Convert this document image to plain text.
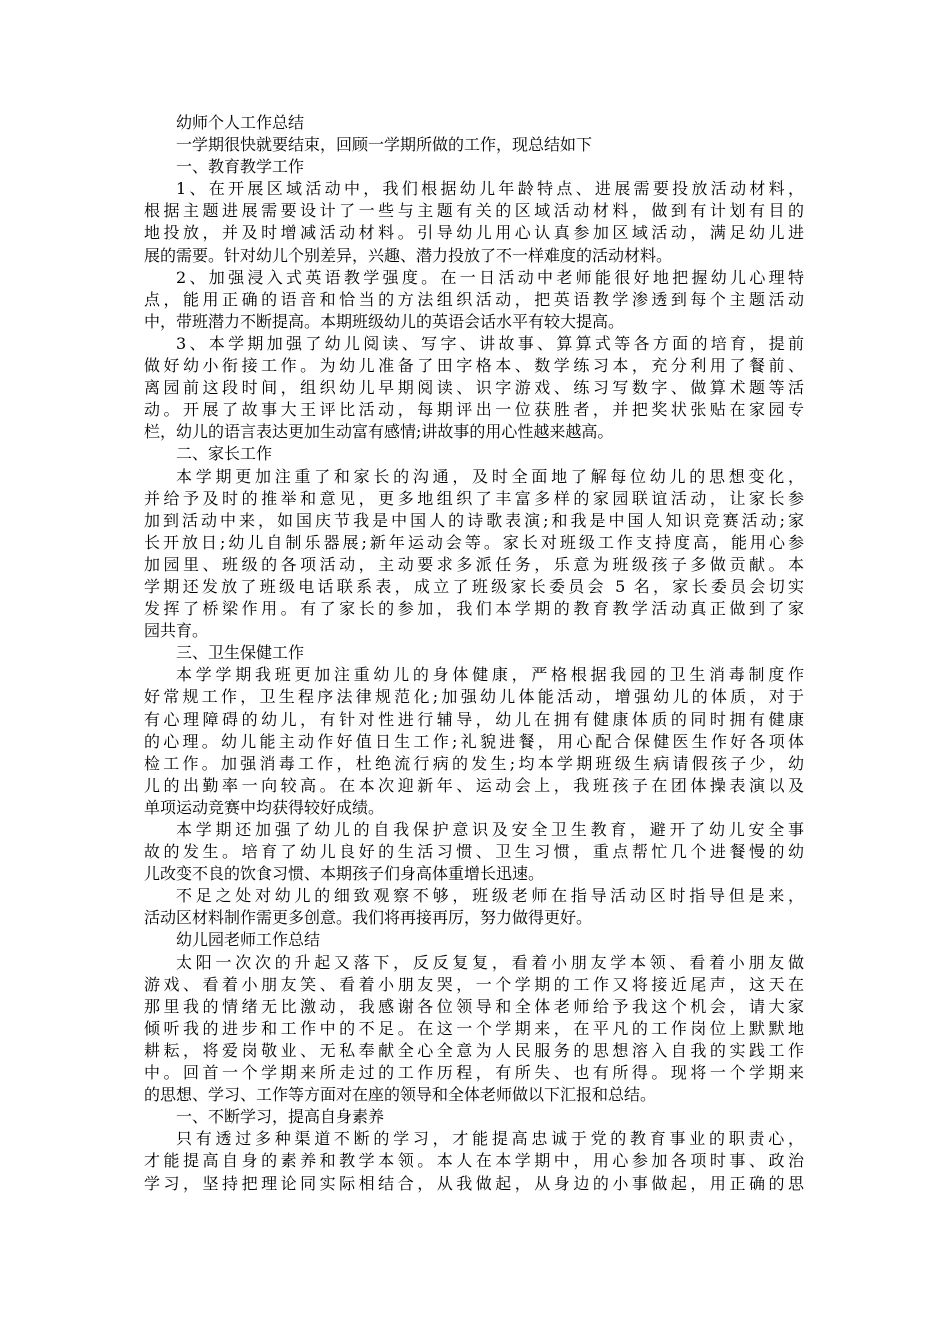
幼师个人工作总结
一学期很快就要结束，回顾一学期所做的工作，现总结如下
一、教育教学工作
1、在开展区域活动中，我们根据幼儿年龄特点、进展需要投放活动材料，
根据主题进展需要设计了一些与主题有关的区域活动材料，做到有计划有目的
地投放，并及时增减活动材料。引导幼儿用心认真参加区域活动，满足幼儿进
展的需要。针对幼儿个别差异，兴趣、潜力投放了不一样难度的活动材料。
2、加强浸入式英语教学强度。在一日活动中老师能很好地把握幼儿心理特
点，能用正确的语音和恰当的方法组织活动，把英语教学渗透到每个主题活动
中，带班潜力不断提高。本期班级幼儿的英语会话水平有较大提高。
3、本学期加强了幼儿阅读、写字、讲故事、算算式等各方面的培育，提前
做好幼小衔接工作。为幼儿准备了田字格本、数学练习本，充分利用了餐前、
离园前这段时间，组织幼儿早期阅读、识字游戏、练习写数字、做算术题等活
动。开展了故事大王评比活动，每期评出一位获胜者，并把奖状张贴在家园专
栏，幼儿的语言表达更加生动富有感情;讲故事的用心性越来越高。
二、家长工作
本学期更加注重了和家长的沟通，及时全面地了解每位幼儿的思想变化，
并给予及时的推举和意见，更多地组织了丰富多样的家园联谊活动，让家长参
加到活动中来，如国庆节我是中国人的诗歌表演;和我是中国人知识竞赛活动;家
长开放日;幼儿自制乐器展;新年运动会等。家长对班级工作支持度高，能用心参
加园里、班级的各项活动，主动要求多派任务，乐意为班级孩子多做贡献。本
学期还发放了班级电话联系表，成立了班级家长委员会 5 名，家长委员会切实
发挥了桥梁作用。有了家长的参加，我们本学期的教育教学活动真正做到了家
园共育。
三、卫生保健工作
本学学期我班更加注重幼儿的身体健康，严格根据我园的卫生消毒制度作
好常规工作，卫生程序法律规范化;加强幼儿体能活动，增强幼儿的体质，对于
有心理障碍的幼儿，有针对性进行辅导，幼儿在拥有健康体质的同时拥有健康
的心理。幼儿能主动作好值日生工作;礼貌进餐，用心配合保健医生作好各项体
检工作。加强消毒工作，杜绝流行病的发生;均本学期班级生病请假孩子少，幼
儿的出勤率一向较高。在本次迎新年、运动会上，我班孩子在团体操表演以及
单项运动竞赛中均获得较好成绩。
本学期还加强了幼儿的自我保护意识及安全卫生教育，避开了幼儿安全事
故的发生。培育了幼儿良好的生活习惯、卫生习惯，重点帮忙几个进餐慢的幼
儿改变不良的饮食习惯、本期孩子们身高体重增长迅速。
不足之处对幼儿的细致观察不够，班级老师在指导活动区时指导但是来，
活动区材料制作需更多创意。我们将再接再厉，努力做得更好。
幼儿园老师工作总结
太阳一次次的升起又落下，反反复复，看着小朋友学本领、看着小朋友做
游戏、看着小朋友笑、看着小朋友哭，一个学期的工作又将接近尾声，这天在
那里我的情绪无比激动，我感谢各位领导和全体老师给予我这个机会，请大家
倾听我的进步和工作中的不足。在这一个学期来，在平凡的工作岗位上默默地
耕耘，将爱岗敬业、无私奉献全心全意为人民服务的思想溶入自我的实践工作
中。回首一个学期来所走过的工作历程，有所失、也有所得。现将一个学期来
的思想、学习、工作等方面对在座的领导和全体老师做以下汇报和总结。
一、不断学习，提高自身素养
只有透过多种渠道不断的学习，才能提高忠诚于党的教育事业的职责心，
才能提高自身的素养和教学本领。本人在本学期中，用心参加各项时事、政治
学习，坚持把理论同实际相结合，从我做起，从身边的小事做起，用正确的思
